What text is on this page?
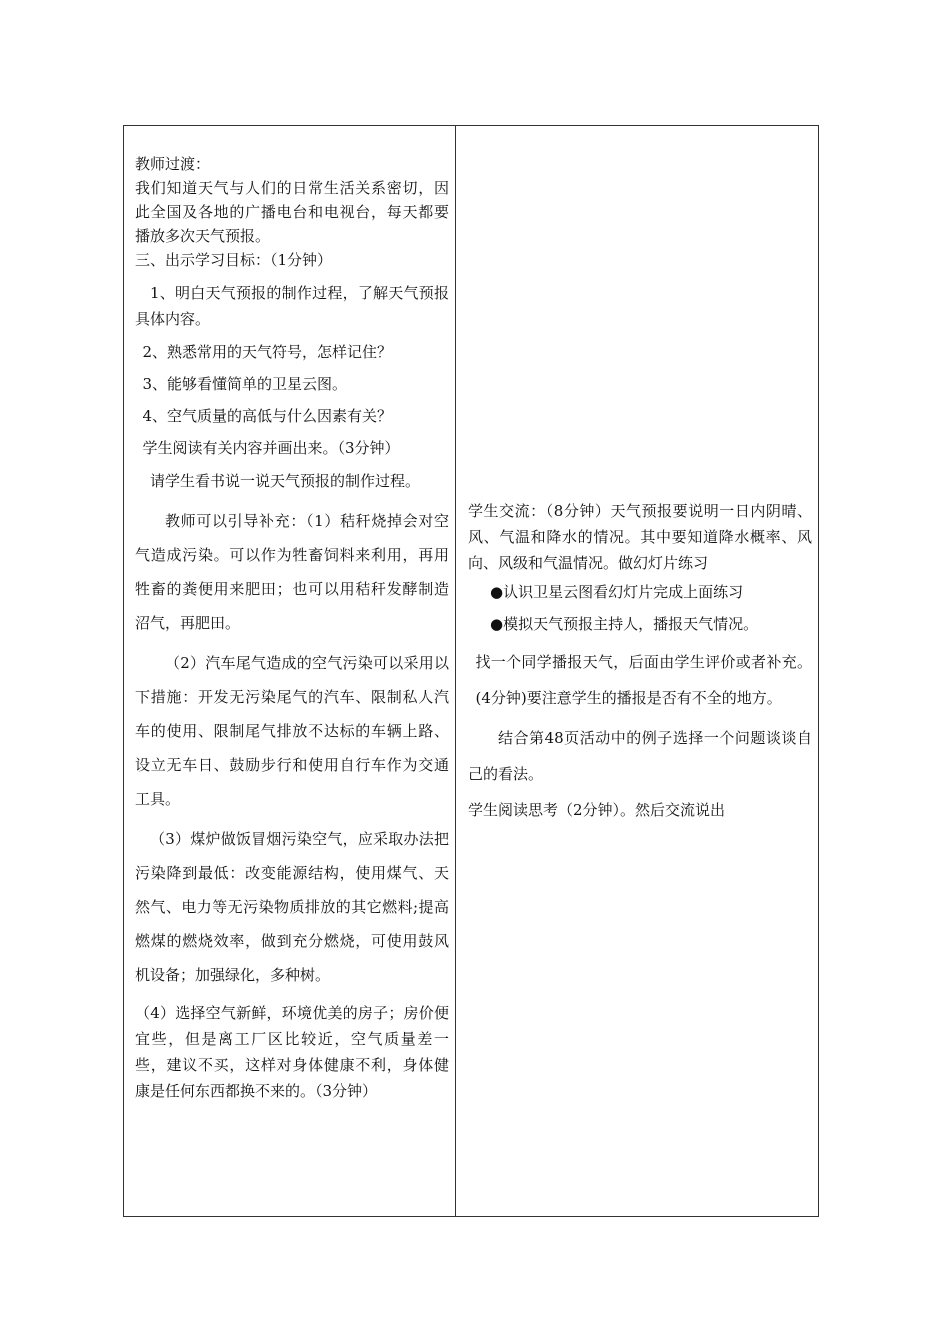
教师过渡：

我们知道天气与人们的日常生活关系密切，因此全国及各地的广播电台和电视台，每天都要播放多次天气预报。

三、出示学习目标：（1分钟）

1、明白天气预报的制作过程，了解天气预报具体内容。

2、熟悉常用的天气符号，怎样记住？

3、能够看懂简单的卫星云图。

4、空气质量的高低与什么因素有关？

学生阅读有关内容并画出来。（3分钟）

请学生看书说一说天气预报的制作过程。

教师可以引导补充：（1）秸秆烧掉会对空气造成污染。可以作为牲畜饲料来利用，再用牲畜的粪便用来肥田；也可以用秸秆发酵制造沼气，再肥田。

（2）汽车尾气造成的空气污染可以采用以下措施：开发无污染尾气的汽车、限制私人汽车的使用、限制尾气排放不达标的车辆上路、设立无车日、鼓励步行和使用自行车作为交通工具。

（3）煤炉做饭冒烟污染空气，应采取办法把污染降到最低：改变能源结构，使用煤气、天然气、电力等无污染物质排放的其它燃料;提高燃煤的燃烧效率，做到充分燃烧，可使用鼓风机设备；加强绿化，多种树。

（4）选择空气新鲜，环境优美的房子；房价便宜些，但是离工厂区比较近，空气质量差一些，建议不买，这样对身体健康不利，身体健康是任何东西都换不来的。（3分钟）

学生交流：（8分钟）天气预报要说明一日内阴晴、风、气温和降水的情况。其中要知道降水概率、风向、风级和气温情况。做幻灯片练习

●认识卫星云图看幻灯片完成上面练习

●模拟天气预报主持人，播报天气情况。

找一个同学播报天气，后面由学生评价或者补充。(4分钟)要注意学生的播报是否有不全的地方。

结合第48页活动中的例子选择一个问题谈谈自己的看法。

学生阅读思考（2分钟）。然后交流说出
